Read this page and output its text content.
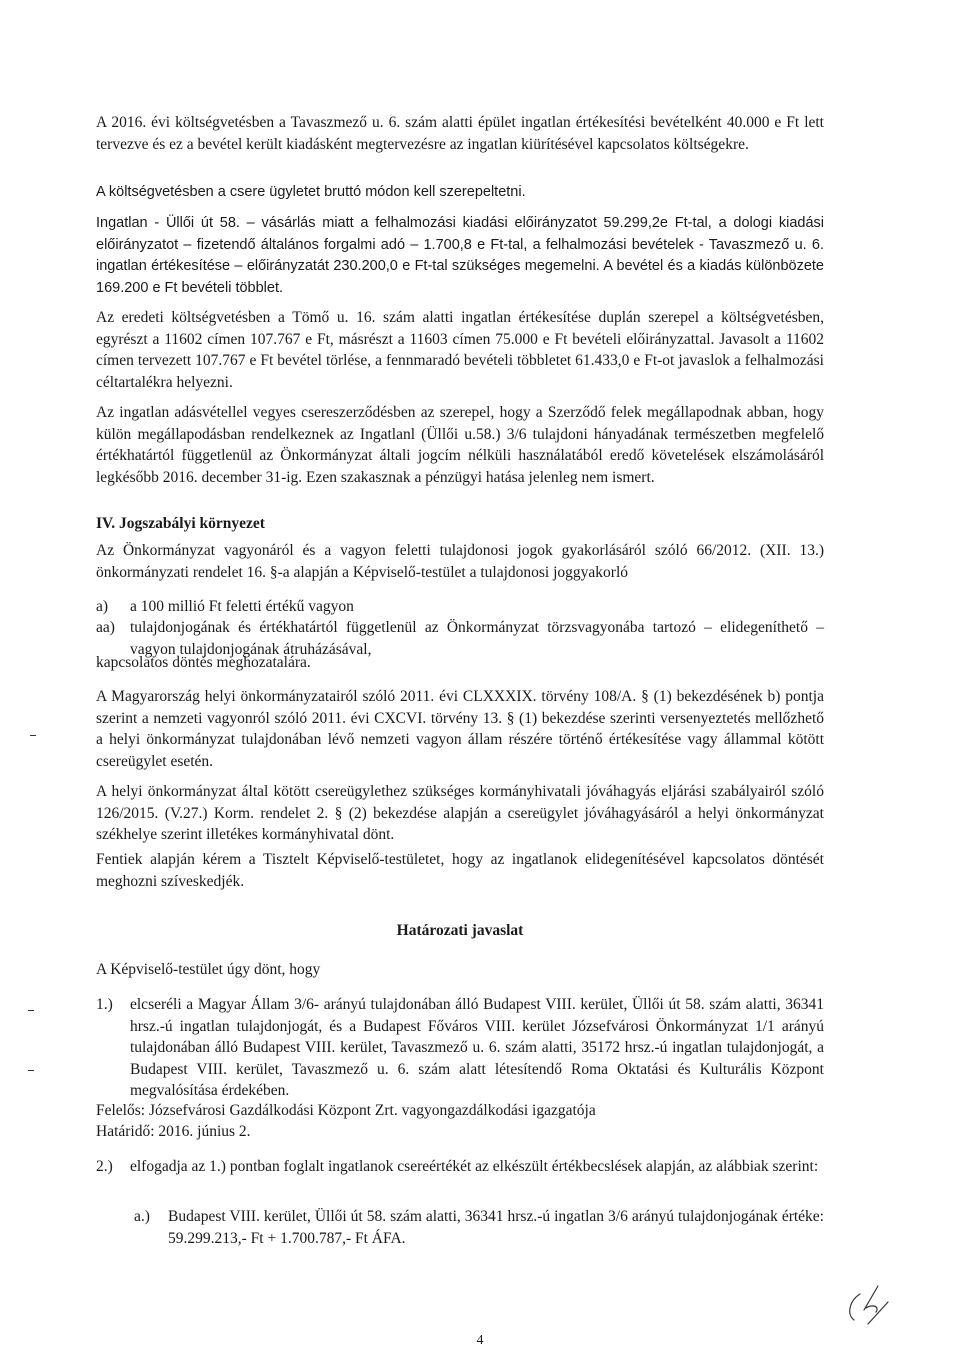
A 2016. évi költségvetésben a Tavaszmező u. 6. szám alatti épület ingatlan értékesítési bevételként 40.000 e Ft lett tervezve és ez a bevétel került kiadásként megtervezésre az ingatlan kiürítésével kapcsolatos költségekre.

A költségvetésben a csere ügyletet bruttó módon kell szerepeltetni.

Ingatlan - Üllői út 58. – vásárlás miatt a felhalmozási kiadási előirányzatot 59.299,2e Ft-tal, a dologi kiadási előirányzatot – fizetendő általános forgalmi adó – 1.700,8 e Ft-tal, a felhalmozási bevételek - Tavaszmező u. 6. ingatlan értékesítése – előirányzatát 230.200,0 e Ft-tal szükséges megemelni. A bevétel és a kiadás különbözete 169.200 e Ft bevételi többlet.

Az eredeti költségvetésben a Tömő u. 16. szám alatti ingatlan értékesítése duplán szerepel a költségvetésben, egyrészt a 11602 címen 107.767 e Ft, másrészt a 11603 címen 75.000 e Ft bevételi előirányzattal. Javasolt a 11602 címen tervezett 107.767 e Ft bevétel törlése, a fennmaradó bevételi többletet 61.433,0 e Ft-ot javaslok a felhalmozási céltartalékra helyezni.

Az ingatlan adásvétellel vegyes csereszerződésben az szerepel, hogy a Szerződő felek megállapodnak abban, hogy külön megállapodásban rendelkeznek az Ingatlanl (Üllői u.58.) 3/6 tulajdoni hányadának természetben megfelelő értékhatártól függetlenül az Önkormányzat általi jogcím nélküli használatából eredő követelések elszámolásáról legkésőbb 2016. december 31-ig. Ezen szakasznak a pénzügyi hatása jelenleg nem ismert.

IV. Jogszabályi környezet

Az Önkormányzat vagyonáról és a vagyon feletti tulajdonosi jogok gyakorlásáról szóló 66/2012. (XII. 13.) önkormányzati rendelet 16. §-a alapján a Képviselő-testület a tulajdonosi joggyakorló

a)	a 100 millió Ft feletti értékű vagyon
aa) tulajdonjogának és értékhatártól függetlenül az Önkormányzat törzsvagyonába tartozó – elidegeníthető – vagyon tulajdonjogának átruházásával,

kapcsolatos döntés meghozatalára.

A Magyarország helyi önkormányzatairól szóló 2011. évi CLXXXIX. törvény 108/A. § (1) bekezdésének b) pontja szerint a nemzeti vagyonról szóló 2011. évi CXCVI. törvény 13. § (1) bekezdése szerinti versenyeztetés mellőzhető a helyi önkormányzat tulajdonában lévő nemzeti vagyon állam részére történő értékesítése vagy állammal kötött csereügylet esetén.

A helyi önkormányzat által kötött csereügylethez szükséges kormányhivatali jóváhagyás eljárási szabályairól szóló 126/2015. (V.27.) Korm. rendelet 2. § (2) bekezdése alapján a csereügylet jóváhagyásáról a helyi önkormányzat székhelye szerint illetékes kormányhivatal dönt.

Fentiek alapján kérem a Tisztelt Képviselő-testületet, hogy az ingatlanok elidegenítésével kapcsolatos döntését meghozni szíveskedjék.

Határozati javaslat

A Képviselő-testület úgy dönt, hogy

1.)	elcseréli a Magyar Állam 3/6- arányú tulajdonában álló Budapest VIII. kerület, Üllői út 58. szám alatti, 36341 hrsz.-ú ingatlan tulajdonjogát, és a Budapest Főváros VIII. kerület Józsefvárosi Önkormányzat 1/1 arányú tulajdonában álló Budapest VIII. kerület, Tavaszmező u. 6. szám alatti, 35172 hrsz.-ú ingatlan tulajdonjogát, a Budapest VIII. kerület, Tavaszmező u. 6. szám alatt létesítendő Roma Oktatási és Kulturális Központ megvalósítása érdekében.

Felelős: Józsefvárosi Gazdálkodási Központ Zrt. vagyongazdálkodási igazgatója

Határidő: 2016. június 2.

2.)	elfogadja az 1.) pontban foglalt ingatlanok csereértékét az elkészült értékbecslések alapján, az alábbiak szerint:
a.)	Budapest VIII. kerület, Üllői út 58. szám alatti, 36341 hrsz.-ú ingatlan 3/6 arányú tulajdonjogának értéke: 59.299.213,- Ft + 1.700.787,- Ft ÁFA.
4
